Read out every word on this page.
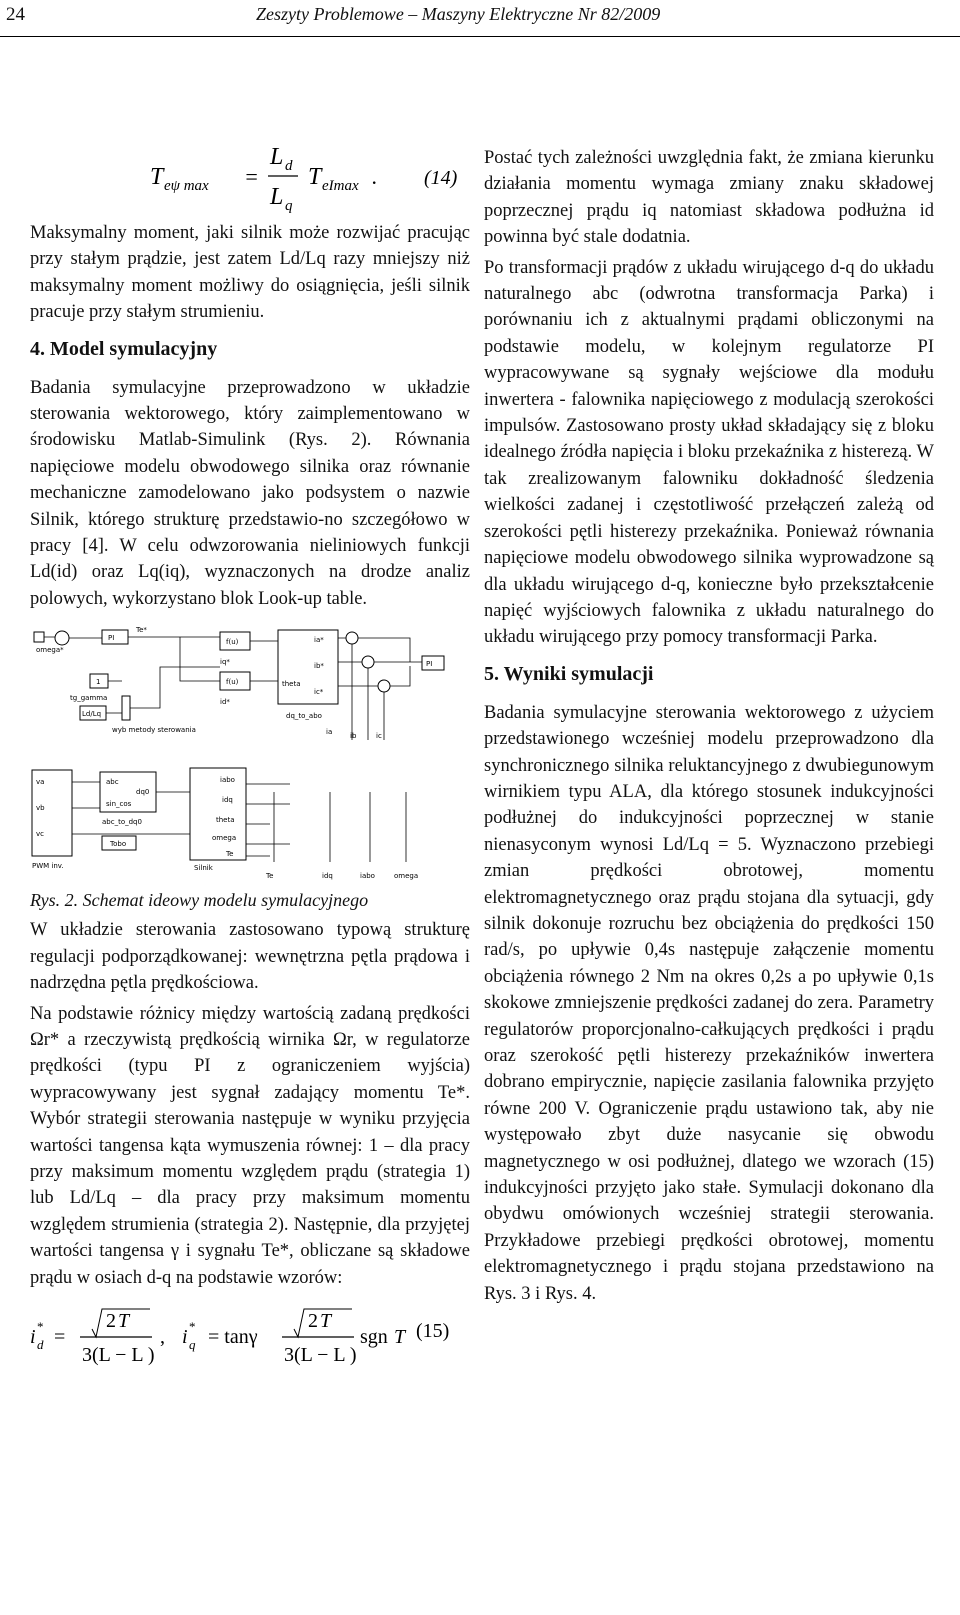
24	Zeszyty Problemowe – Maszyny Elektryczne Nr 82/2009
T eψ max =
L d
L q
T eImax . (14)

Maksymalny moment, jaki silnik może rozwijać pracując przy stałym prądzie, jest zatem Ld/Lq razy mniejszy niż maksymalny moment możliwy do osiągnięcia, jeśli silnik pracuje przy stałym strumieniu.

4. Model symulacyjny

Badania symulacyjne przeprowadzono w układzie sterowania wektorowego, który zaimplementowano w środowisku Matlab-Simulink (Rys. 2). Równania napięciowe modelu obwodowego silnika oraz równanie mechaniczne zamodelowano jako podsystem o nazwie Silnik, którego strukturę przedstawio-no szczegółowo w pracy [4]. W celu odwzorowania nieliniowych funkcji Ld(id) oraz Lq(iq), wyznaczonych na drodze analiz polowych, wykorzystano blok Look-up table.

omega*
PI
Te*
1
tg_gamma
Ld/Lq
wyb metody sterowania
f(u)
f(u)
iq*
id*
ia*
ib*
ic*
theta
dq_to_abo
PI
ia	ib	ic
va
vb
vc
PWM inv.
abc
dq0
sin_cos
abc_to_dq0
Tobo
iabo
idq
theta
omega
Te
Silnik
Te	idq	iabo	omega
Rys. 2. Schemat ideowy modelu symulacyjnego

W układzie sterowania zastosowano typową strukturę regulacji podporządkowanej: wewnętrzna pętla prądowa i nadrzędna pętla prędkościowa.

Na podstawie różnicy między wartością zadaną prędkości Ωr* a rzeczywistą prędkością wirnika Ωr, w regulatorze prędkości (typu PI z ograniczeniem wyjścia) wypracowywany jest sygnał zadający momentu Te*. Wybór strategii sterowania następuje w wyniku przyjęcia wartości tangensa kąta wymuszenia równej: 1 – dla pracy przy maksimum momentu względem prądu (strategia 1) lub Ld/Lq – dla pracy przy maksimum momentu względem strumienia (strategia 2). Następnie, dla przyjętej wartości tangensa γ i sygnału Te*, obliczane są składowe prądu w osiach d-q na podstawie wzorów:

i *
d =
2 T
3(L − L )
, i *
q = tanγ
2 T
3(L − L )
sgn T (15)

Postać tych zależności uwzględnia fakt, że zmiana kierunku działania momentu wymaga zmiany znaku składowej poprzecznej prądu iq natomiast składowa podłużna id powinna być stale dodatnia.

Po transformacji prądów z układu wirującego d-q do układu naturalnego abc (odwrotna transformacja Parka) i porównaniu ich z aktualnymi prądami obliczonymi na podstawie modelu, w kolejnym regulatorze PI wypracowywane są sygnały wejściowe dla modułu inwertera - falownika napięciowego z modulacją szerokości impulsów. Zastosowano prosty układ składający się z bloku idealnego źródła napięcia i bloku przekaźnika z histerezą. W tak zrealizowanym falowniku dokładność śledzenia wielkości zadanej i częstotliwość przełączeń zależą od szerokości pętli histerezy przekaźnika. Ponieważ równania napięciowe modelu obwodowego silnika wyprowadzone są dla układu wirującego d-q, konieczne było przekształcenie napięć wyjściowych falownika z układu naturalnego do układu wirującego przy pomocy transformacji Parka.

5. Wyniki symulacji

Badania symulacyjne sterowania wektorowego z użyciem przedstawionego wcześniej modelu przeprowadzono dla synchronicznego silnika reluktancyjnego z dwubiegunowym wirnikiem typu ALA, dla którego stosunek indukcyjności podłużnej do indukcyjności poprzecznej w stanie nienasyconym wynosi Ld/Lq = 5. Wyznaczono przebiegi zmian prędkości obrotowej, momentu elektromagnetycznego oraz prądu stojana dla sytuacji, gdy silnik dokonuje rozruchu bez obciążenia do prędkości 150 rad/s, po upływie 0,4s następuje załączenie momentu obciążenia równego 2 Nm na okres 0,2s a po upływie 0,1s skokowe zmniejszenie prędkości zadanej do zera. Parametry regulatorów proporcjonalno-całkujących prędkości i prądu oraz szerokość pętli histerezy przekaźników inwertera dobrano empirycznie, napięcie zasilania falownika przyjęto równe 200 V. Ograniczenie prądu ustawiono tak, aby nie występowało zbyt duże nasycanie się obwodu magnetycznego w osi podłużnej, dlatego we wzorach (15) indukcyjności przyjęto jako stałe. Symulacji dokonano dla obydwu omówionych wcześniej strategii sterowania. Przykładowe przebiegi prędkości obrotowej, momentu elektromagnetycznego i prądu stojana przedstawiono na Rys. 3 i Rys. 4.
